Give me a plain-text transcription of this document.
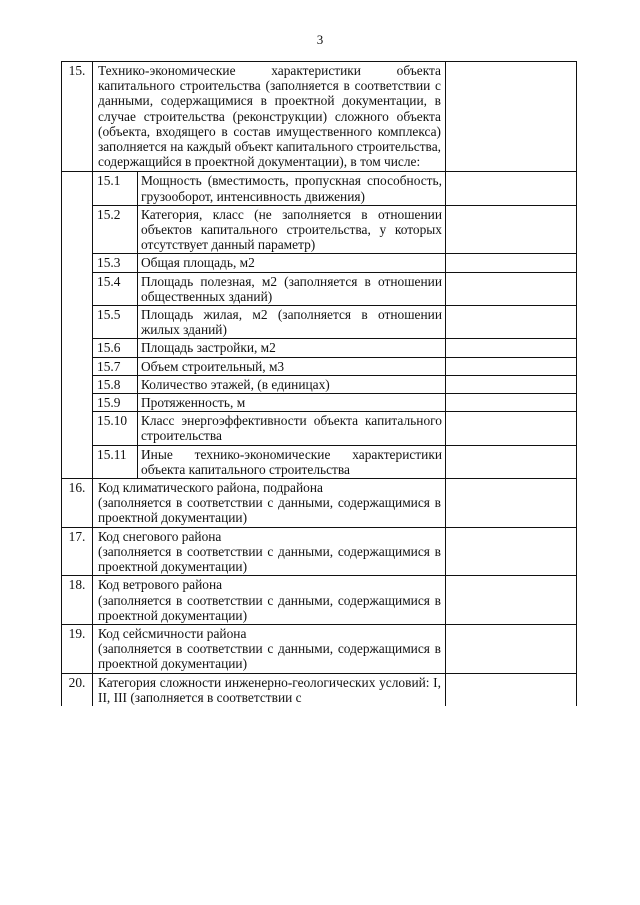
3
15.	Технико-экономические характеристики объекта капитального строительства (заполняется в соответствии с данными, содержащимися в проектной документации, в случае строительства (реконструкции) сложного объекта (объекта, входящего в состав имущественного комплекса) заполняется на каждый объект капитального строительства, содержащийся в проектной документации), в том числе:		
	15.1	Мощность (вместимость, пропускная способность, грузооборот, интенсивность движения)	
	15.2	Категория, класс (не заполняется в отношении объектов капитального строительства, у которых отсутствует данный параметр)	
	15.3	Общая площадь, м2	
	15.4	Площадь полезная, м2 (заполняется в отношении общественных зданий)	
	15.5	Площадь жилая, м2 (заполняется в отношении жилых зданий)	
	15.6	Площадь застройки, м2	
	15.7	Объем строительный, м3	
	15.8	Количество этажей, (в единицах)	
	15.9	Протяженность, м	
	15.10	Класс энергоэффективности объекта капитального строительства	
	15.11	Иные технико-экономические характеристики объекта капитального строительства	
16.	Код климатического района, подрайона
(заполняется в соответствии с данными, содержащимися в проектной документации)		

17.	Код снегового района
(заполняется в соответствии с данными, содержащимися в проектной документации)		

18.	Код ветрового района
(заполняется в соответствии с данными, содержащимися в проектной документации)		

19.	Код сейсмичности района
(заполняется в соответствии с данными, содержащимися в проектной документации)		

20.	Категория сложности инженерно-геологических условий: I, II, III (заполняется в соответствии с		
